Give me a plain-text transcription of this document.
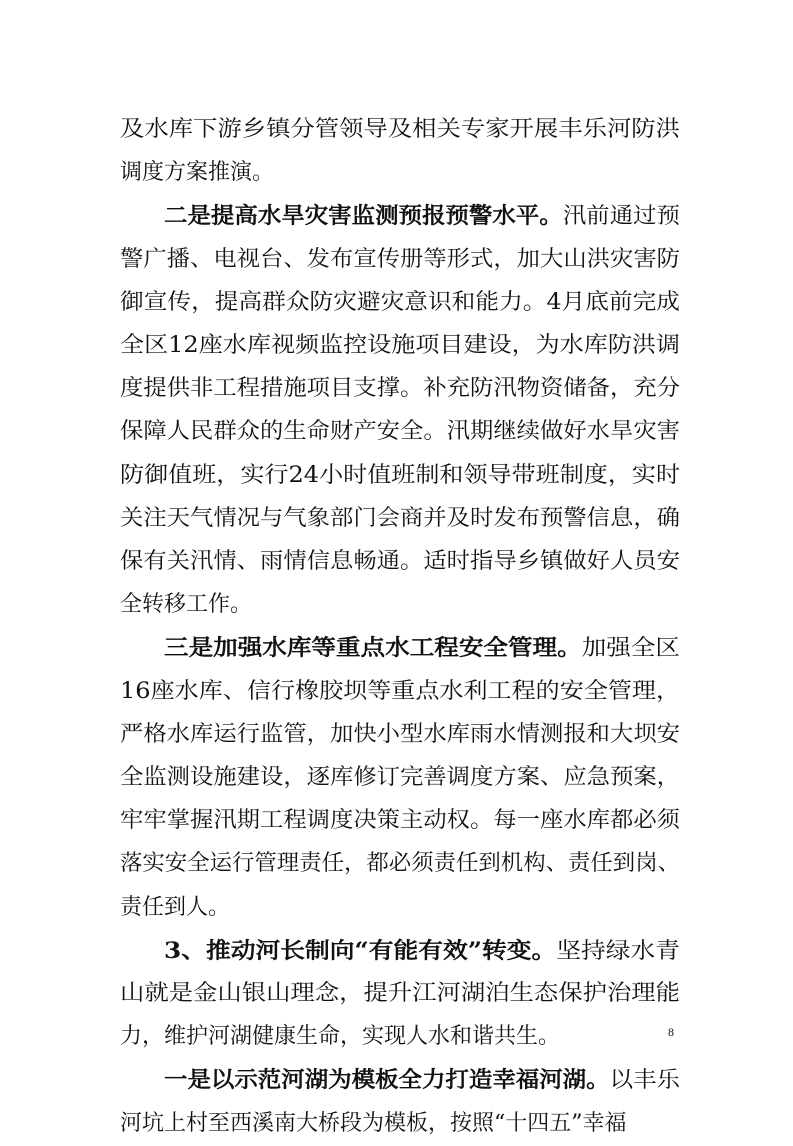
及水库下游乡镇分管领导及相关专家开展丰乐河防洪
调度方案推演。
二是提高水旱灾害监测预报预警水平。汛前通过预
警广播、电视台、发布宣传册等形式，加大山洪灾害防
御宣传，提高群众防灾避灾意识和能力。4月底前完成
全区12座水库视频监控设施项目建设，为水库防洪调
度提供非工程措施项目支撑。补充防汛物资储备，充分
保障人民群众的生命财产安全。汛期继续做好水旱灾害
防御值班，实行24小时值班制和领导带班制度，实时
关注天气情况与气象部门会商并及时发布预警信息，确
保有关汛情、雨情信息畅通。适时指导乡镇做好人员安
全转移工作。
三是加强水库等重点水工程安全管理。加强全区
16座水库、信行橡胶坝等重点水利工程的安全管理，
严格水库运行监管，加快小型水库雨水情测报和大坝安
全监测设施建设，逐库修订完善调度方案、应急预案，
牢牢掌握汛期工程调度决策主动权。每一座水库都必须
落实安全运行管理责任，都必须责任到机构、责任到岗、
责任到人。
3、推动河长制向“有能有效”转变。坚持绿水青
山就是金山银山理念，提升江河湖泊生态保护治理能
力，维护河湖健康生命，实现人水和谐共生。
一是以示范河湖为模板全力打造幸福河湖。以丰乐
河坑上村至西溪南大桥段为模板，按照“十四五”幸福
8
